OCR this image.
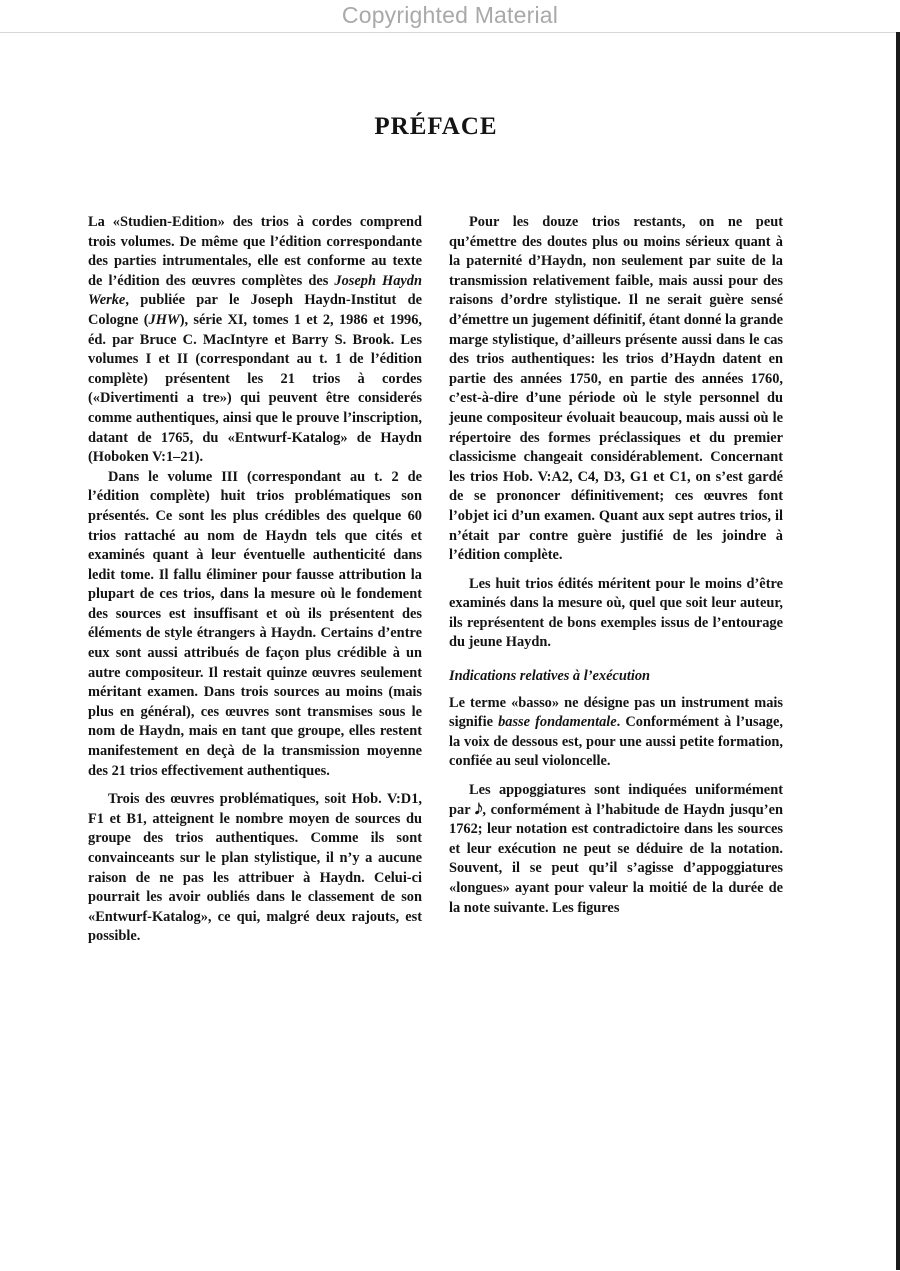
Copyrighted Material
PRÉFACE

La «Studien-Edition» des trios à cordes comprend trois volumes. De même que l’édition correspondante des parties intrumentales, elle est conforme au texte de l’édition des œuvres complètes des Joseph Haydn Werke, publiée par le Joseph Haydn-Institut de Cologne (JHW), série XI, tomes 1 et 2, 1986 et 1996, éd. par Bruce C. MacIntyre et Barry S. Brook. Les volumes I et II (correspondant au t. 1 de l’édition complète) présentent les 21 trios à cordes («Divertimenti a tre») qui peuvent être considerés comme authentiques, ainsi que le prouve l’inscription, datant de 1765, du «Entwurf-Katalog» de Haydn (Hoboken V:1–21).

Dans le volume III (correspondant au t. 2 de l’édition complète) huit trios problématiques son présentés. Ce sont les plus crédibles des quelque 60 trios rattaché au nom de Haydn tels que cités et examinés quant à leur éventuelle authenticité dans ledit tome. Il fallu éliminer pour fausse attribution la plupart de ces trios, dans la mesure où le fondement des sources est insuffisant et où ils présentent des éléments de style étrangers à Haydn. Certains d’entre eux sont aussi attribués de façon plus crédible à un autre compositeur. Il restait quinze œuvres seulement méritant examen. Dans trois sources au moins (mais plus en général), ces œuvres sont transmises sous le nom de Haydn, mais en tant que groupe, elles restent manifestement en deçà de la transmission moyenne des 21 trios effectivement authentiques.

Trois des œuvres problématiques, soit Hob. V:D1, F1 et B1, atteignent le nombre moyen de sources du groupe des trios authentiques. Comme ils sont convainceants sur le plan stylistique, il n’y a aucune raison de ne pas les attribuer à Haydn. Celui-ci pourrait les avoir oubliés dans le classement de son «Entwurf-Katalog», ce qui, malgré deux rajouts, est possible.

Pour les douze trios restants, on ne peut qu’émettre des doutes plus ou moins sérieux quant à la paternité d’Haydn, non seulement par suite de la transmission relativement faible, mais aussi pour des raisons d’ordre stylistique. Il ne serait guère sensé d’émettre un jugement définitif, étant donné la grande marge stylistique, d’ailleurs présente aussi dans le cas des trios authentiques: les trios d’Haydn datent en partie des années 1750, en partie des années 1760, c’est-à-dire d’une période où le style personnel du jeune compositeur évoluait beaucoup, mais aussi où le répertoire des formes préclassiques et du premier classicisme changeait considérablement. Concernant les trios Hob. V:A2, C4, D3, G1 et C1, on s’est gardé de se prononcer définitivement; ces œuvres font l’objet ici d’un examen. Quant aux sept autres trios, il n’était par contre guère justifié de les joindre à l’édition complète.

Les huit trios édités méritent pour le moins d’être examinés dans la mesure où, quel que soit leur auteur, ils représentent de bons exemples issus de l’entourage du jeune Haydn.

Indications relatives à l’exécution

Le terme «basso» ne désigne pas un instrument mais signifie basse fondamentale. Conformément à l’usage, la voix de dessous est, pour une aussi petite formation, confiée au seul violoncelle.

Les appoggiatures sont indiquées uniformément par 𝅘𝅥𝅮, conformément à l’habitude de Haydn jusqu’en 1762; leur notation est contradictoire dans les sources et leur exécution ne peut se déduire de la notation. Souvent, il se peut qu’il s’agisse d’appoggiatures «longues» ayant pour valeur la moitié de la durée de la note suivante. Les figures
